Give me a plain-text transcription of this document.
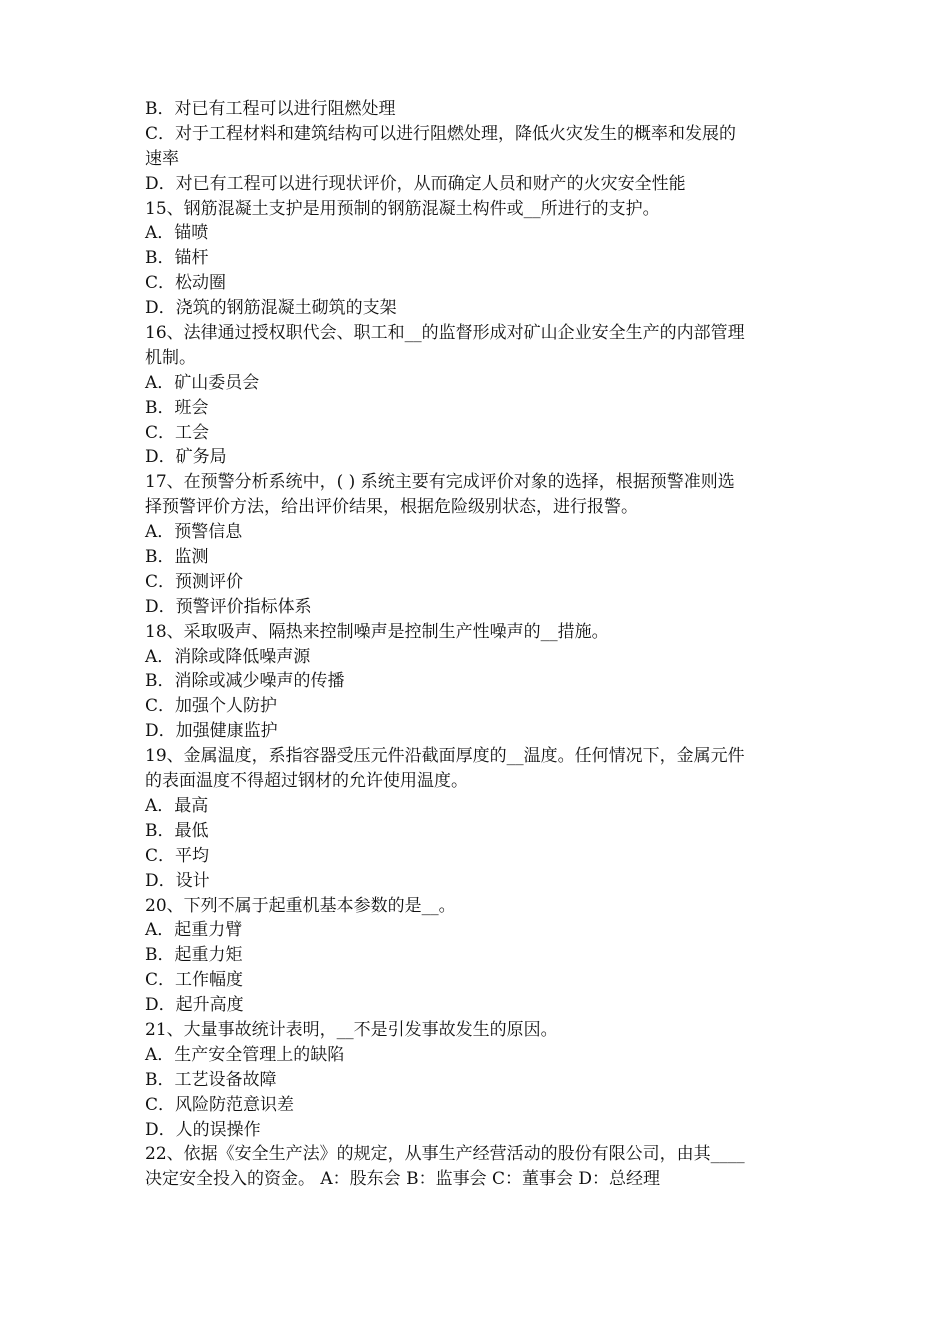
B．对已有工程可以进行阻燃处理
C．对于工程材料和建筑结构可以进行阻燃处理，降低火灾发生的概率和发展的
速率
D．对已有工程可以进行现状评价，从而确定人员和财产的火灾安全性能
15、钢筋混凝土支护是用预制的钢筋混凝土构件或__所进行的支护。
A．锚喷
B．锚杆
C．松动圈
D．浇筑的钢筋混凝土砌筑的支架
16、法律通过授权职代会、职工和__的监督形成对矿山企业安全生产的内部管理
机制。
A．矿山委员会
B．班会
C．工会
D．矿务局
17、在预警分析系统中，( ) 系统主要有完成评价对象的选择，根据预警准则选
择预警评价方法，给出评价结果，根据危险级别状态，进行报警。
A．预警信息
B．监测
C．预测评价
D．预警评价指标体系
18、采取吸声、隔热来控制噪声是控制生产性噪声的__措施。
A．消除或降低噪声源
B．消除或减少噪声的传播
C．加强个人防护
D．加强健康监护
19、金属温度，系指容器受压元件沿截面厚度的__温度。任何情况下，金属元件
的表面温度不得超过钢材的允许使用温度。
A．最高
B．最低
C．平均
D．设计
20、下列不属于起重机基本参数的是__。
A．起重力臂
B．起重力矩
C．工作幅度
D．起升高度
21、大量事故统计表明，__不是引发事故发生的原因。
A．生产安全管理上的缺陷
B．工艺设备故障
C．风险防范意识差
D．人的误操作
22、依据《安全生产法》的规定，从事生产经营活动的股份有限公司，由其____
决定安全投入的资金。 A：股东会 B：监事会 C：董事会 D：总经理
